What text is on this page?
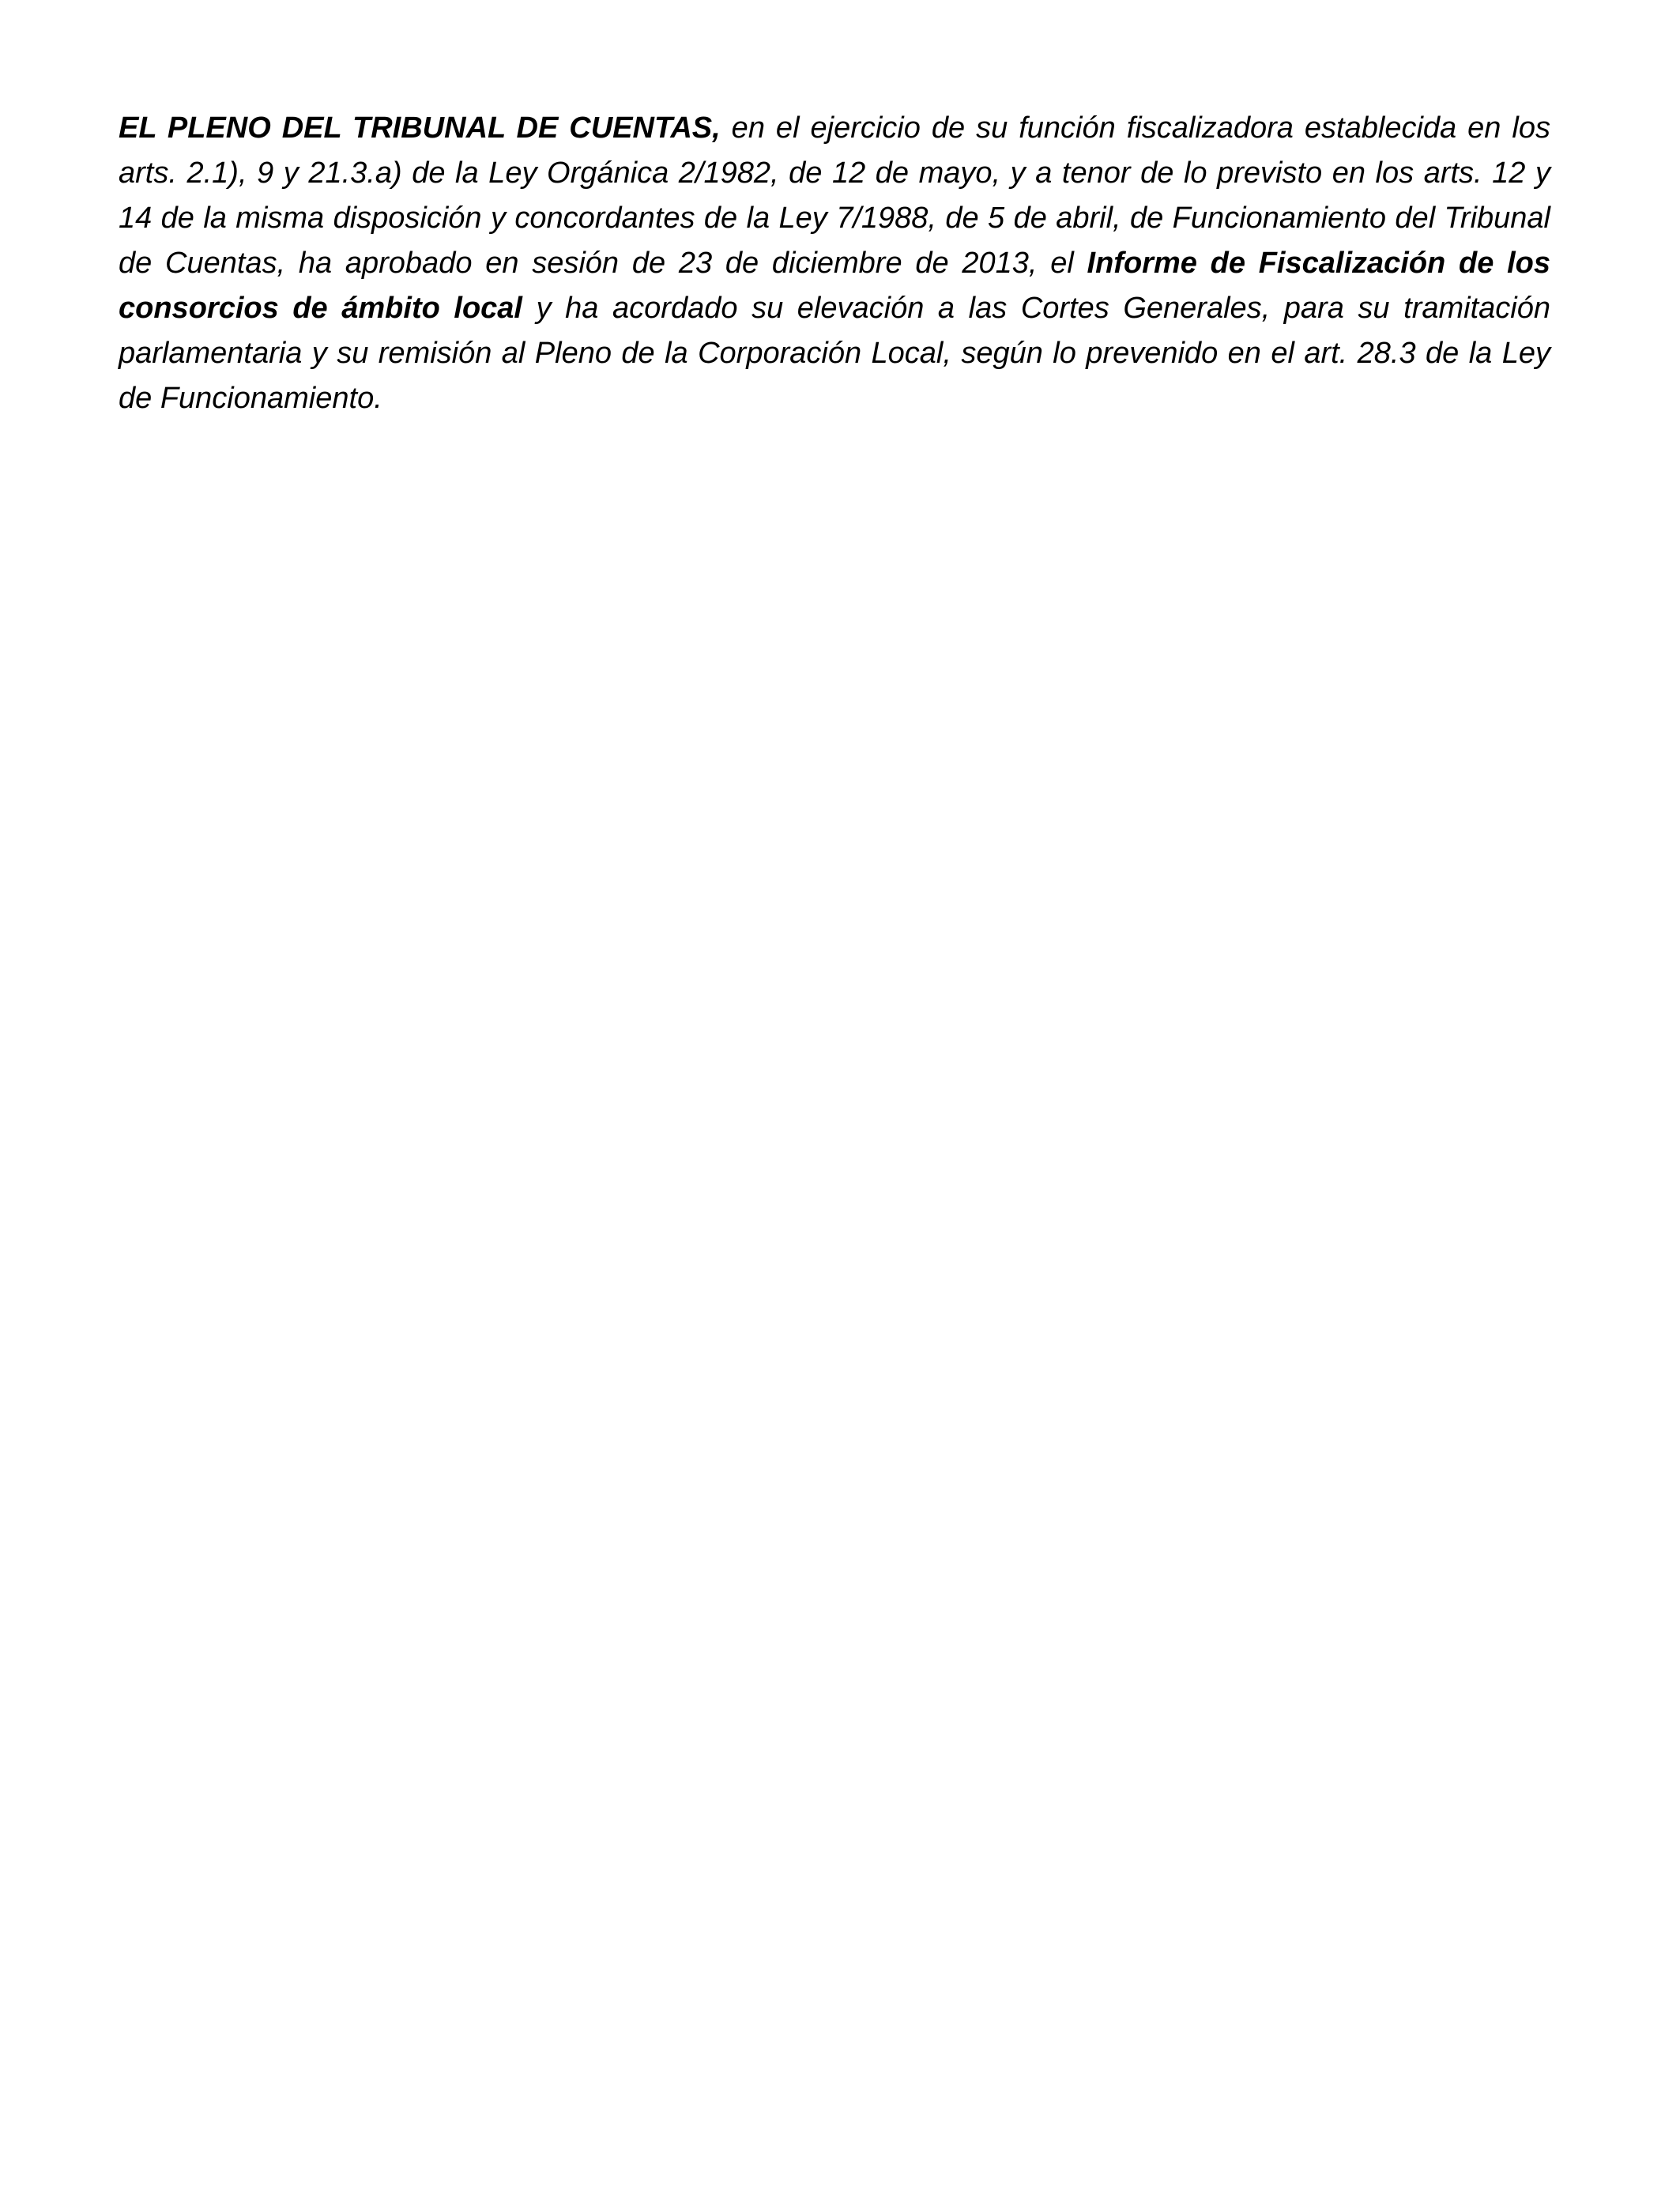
EL PLENO DEL TRIBUNAL DE CUENTAS, en el ejercicio de su función fiscalizadora establecida en los arts. 2.1), 9 y 21.3.a) de la Ley Orgánica 2/1982, de 12 de mayo, y a tenor de lo previsto en los arts. 12 y 14 de la misma disposición y concordantes de la Ley 7/1988, de 5 de abril, de Funcionamiento del Tribunal de Cuentas, ha aprobado en sesión de 23 de diciembre de 2013, el Informe de Fiscalización de los consorcios de ámbito local y ha acordado su elevación a las Cortes Generales, para su tramitación parlamentaria y su remisión al Pleno de la Corporación Local, según lo prevenido en el art. 28.3 de la Ley de Funcionamiento.
